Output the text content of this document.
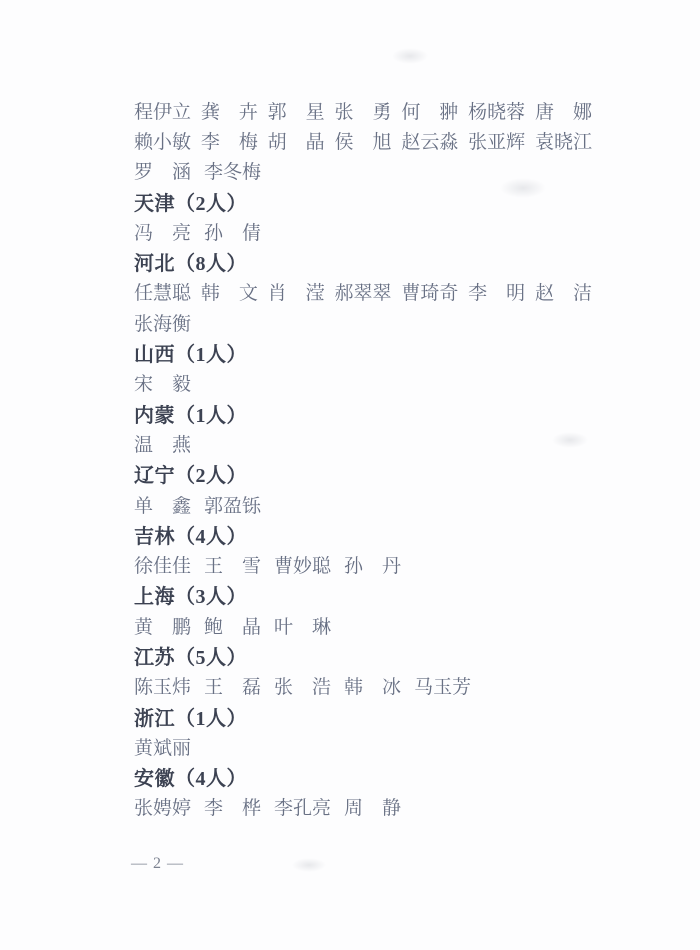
程伊立 龚　卉 郭　星 张　勇 何　翀 杨晓蓉 唐　娜
赖小敏 李　梅 胡　晶 侯　旭 赵云淼 张亚辉 袁晓江
罗　涵 李冬梅
天津（2人）
冯　亮 孙　倩
河北（8人）
任慧聪 韩　文 肖　滢 郝翠翠 曹琦奇 李　明 赵　洁
张海衡
山西（1人）
宋　毅
内蒙（1人）
温　燕
辽宁（2人）
单　鑫 郭盈铄
吉林（4人）
徐佳佳 王　雪 曹妙聪 孙　丹
上海（3人）
黄　鹏 鲍　晶 叶　琳
江苏（5人）
陈玉炜 王　磊 张　浩 韩　冰 马玉芳
浙江（1人）
黄斌丽
安徽（4人）
张娉婷 李　桦 李孔亮 周　静
— 2 —
